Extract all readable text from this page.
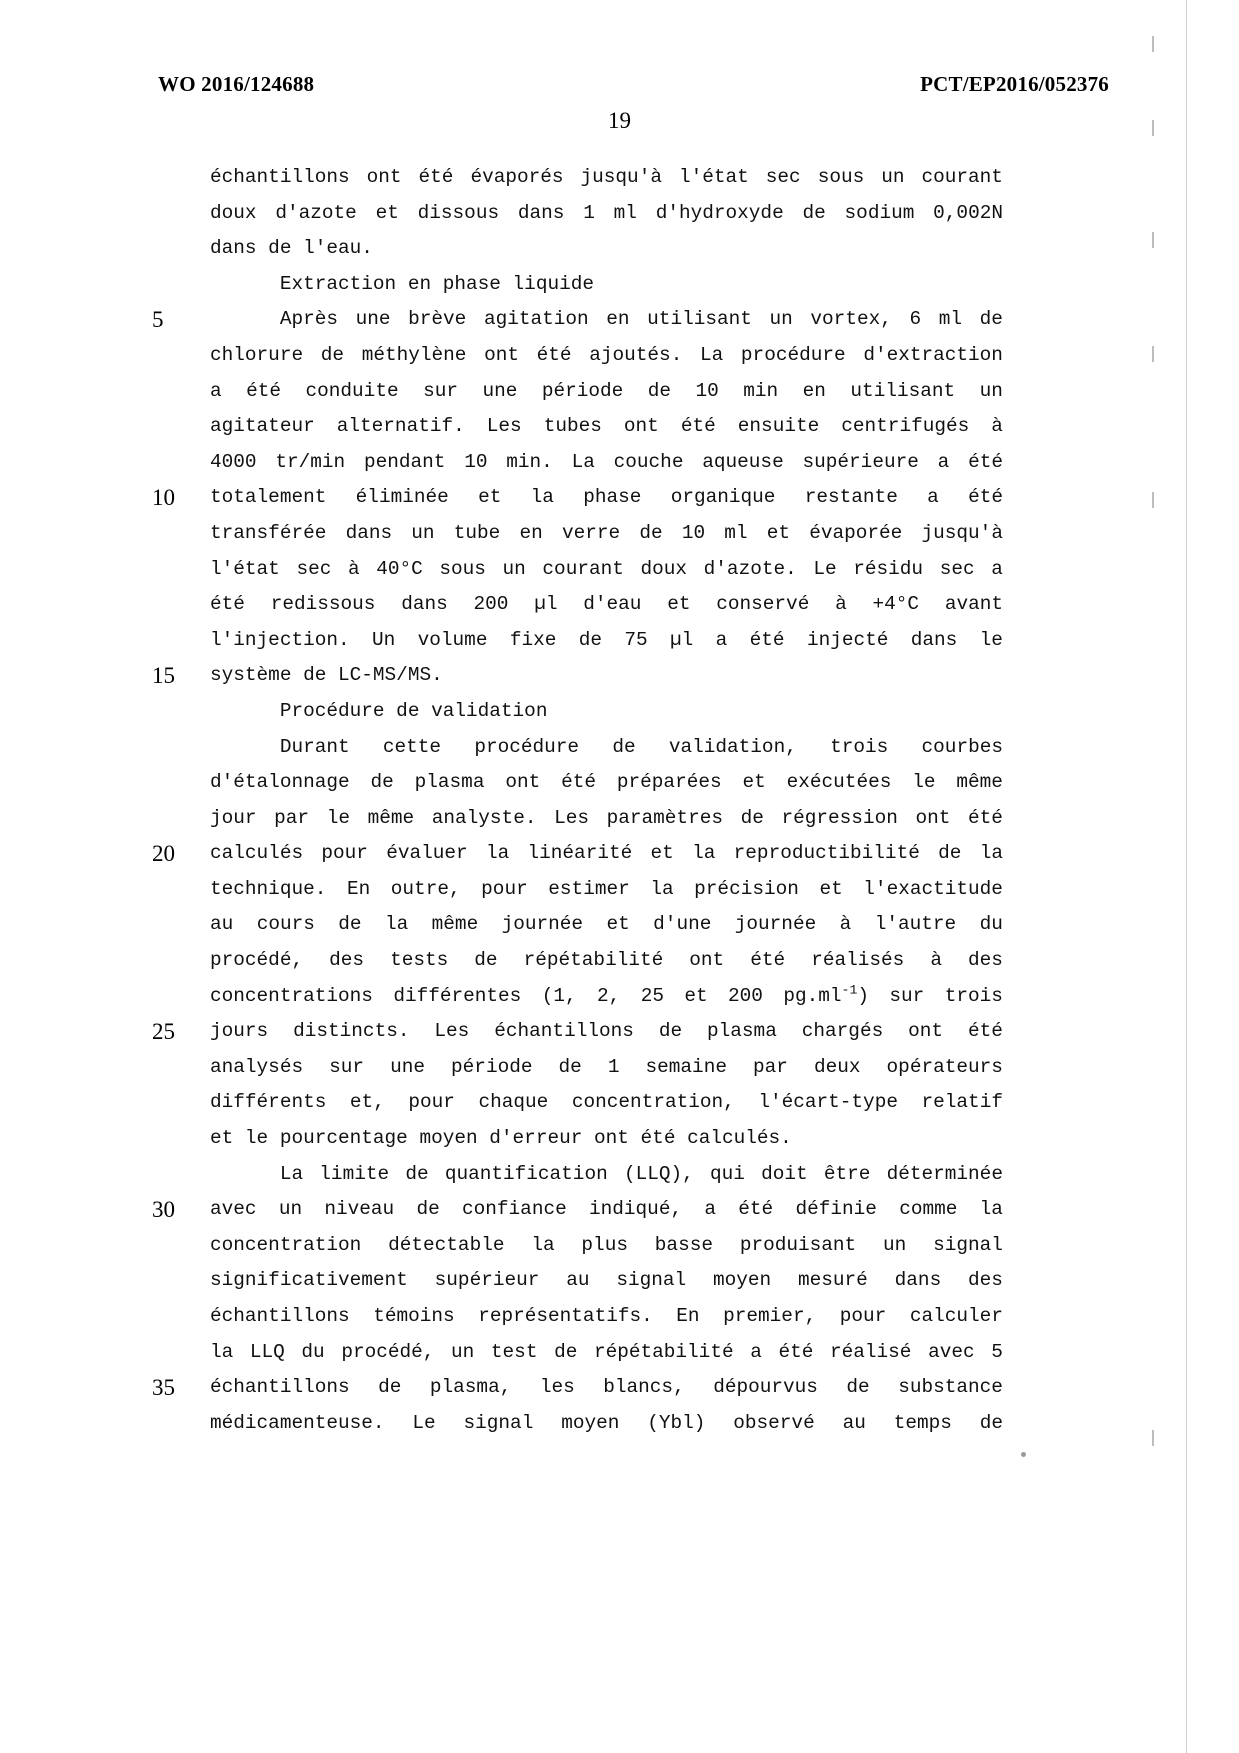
WO 2016/124688	PCT/EP2016/052376
19
échantillons ont été évaporés jusqu'à l'état sec sous un courant
doux d'azote et dissous dans 1 ml d'hydroxyde de sodium 0,002N
dans de l'eau.
Extraction en phase liquide
5	Après une brève agitation en utilisant un vortex, 6 ml de
chlorure de méthylène ont été ajoutés. La procédure d'extraction
a été conduite sur une période de 10 min en utilisant un
agitateur alternatif. Les tubes ont été ensuite centrifugés à
4000 tr/min pendant 10 min. La couche aqueuse supérieure a été
10	totalement éliminée et la phase organique restante a été
transférée dans un tube en verre de 10 ml et évaporée jusqu'à
l'état sec à 40°C sous un courant doux d'azote. Le résidu sec a
été redissous dans 200 µl d'eau et conservé à +4°C avant
l'injection. Un volume fixe de 75 µl a été injecté dans le
15	système de LC-MS/MS.
Procédure de validation
Durant cette procédure de validation, trois courbes
d'étalonnage de plasma ont été préparées et exécutées le même
jour par le même analyste. Les paramètres de régression ont été
20	calculés pour évaluer la linéarité et la reproductibilité de la
technique. En outre, pour estimer la précision et l'exactitude
au cours de la même journée et d'une journée à l'autre du
procédé, des tests de répétabilité ont été réalisés à des
concentrations différentes (1, 2, 25 et 200 $pg.ml^{-1}$) sur trois
25	jours distincts. Les échantillons de plasma chargés ont été
analysés sur une période de 1 semaine par deux opérateurs
différents et, pour chaque concentration, l'écart-type relatif
et le pourcentage moyen d'erreur ont été calculés.
La limite de quantification (LLQ), qui doit être déterminée
30	avec un niveau de confiance indiqué, a été définie comme la
concentration détectable la plus basse produisant un signal
significativement supérieur au signal moyen mesuré dans des
échantillons témoins représentatifs. En premier, pour calculer
la LLQ du procédé, un test de répétabilité a été réalisé avec 5
35	échantillons de plasma, les blancs, dépourvus de substance
médicamenteuse. Le signal moyen (Ybl) observé au temps de
